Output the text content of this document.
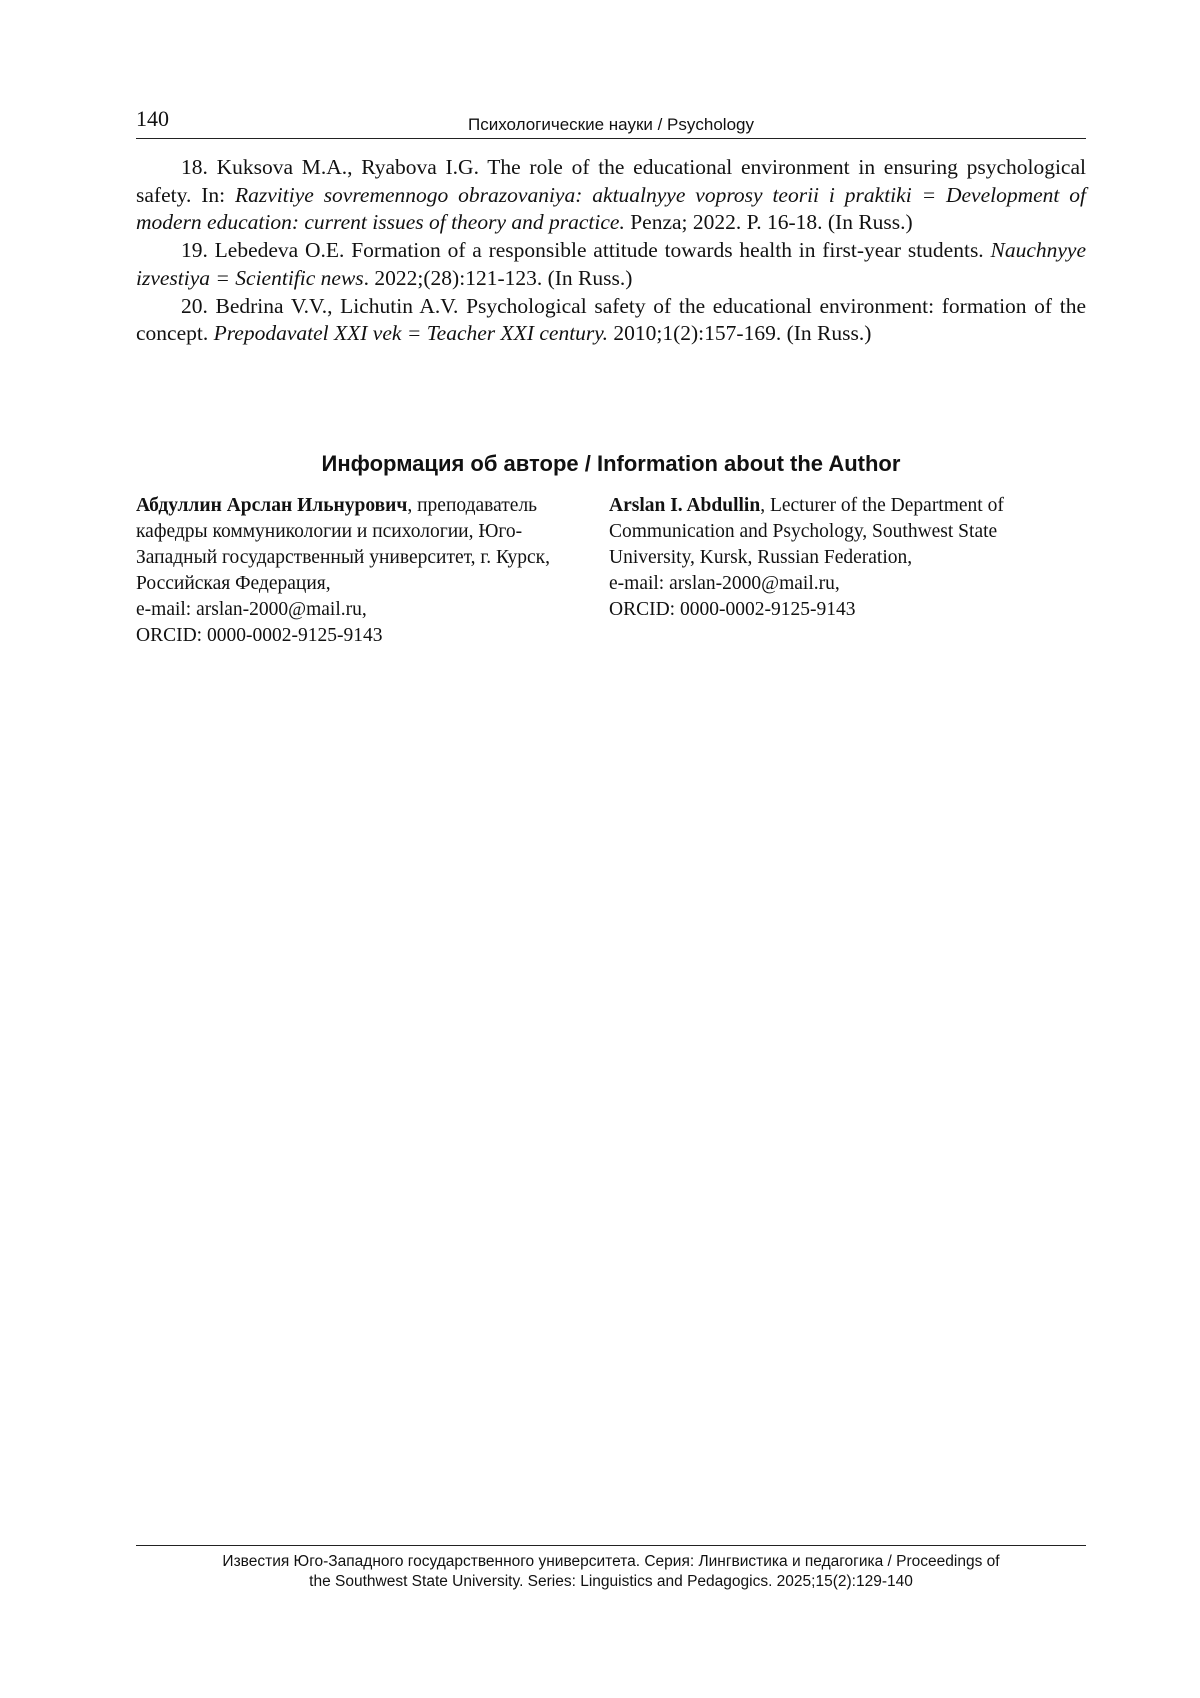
140	Психологические науки / Psychology

18. Kuksova M.A., Ryabova I.G. The role of the educational environment in ensuring psychological safety. In: Razvitiye sovremennogo obrazovaniya: aktualnyye voprosy teorii i praktiki = Development of modern education: current issues of theory and practice. Penza; 2022. P. 16-18. (In Russ.)

19. Lebedeva O.E. Formation of a responsible attitude towards health in first-year students. Nauchnyye izvestiya = Scientific news. 2022;(28):121-123. (In Russ.)

20. Bedrina V.V., Lichutin A.V. Psychological safety of the educational environment: formation of the concept. Prepodavatel XXI vek = Teacher XXI century. 2010;1(2):157-169. (In Russ.)

Информация об авторе / Information about the Author

Абдуллин Арслан Ильнурович, преподаватель кафедры коммуникологии и психологии, Юго-Западный государственный университет, г. Курск, Российская Федерация,

e-mail: arslan-2000@mail.ru,

ORCID: 0000-0002-9125-9143

Arslan I. Abdullin, Lecturer of the Department of Communication and Psychology, Southwest State University, Kursk, Russian Federation,

e-mail: arslan-2000@mail.ru,

ORCID: 0000-0002-9125-9143

Известия Юго-Западного государственного университета. Серия: Лингвистика и педагогика / Proceedings of
the Southwest State University. Series: Linguistics and Pedagogics. 2025;15(2):129-140
